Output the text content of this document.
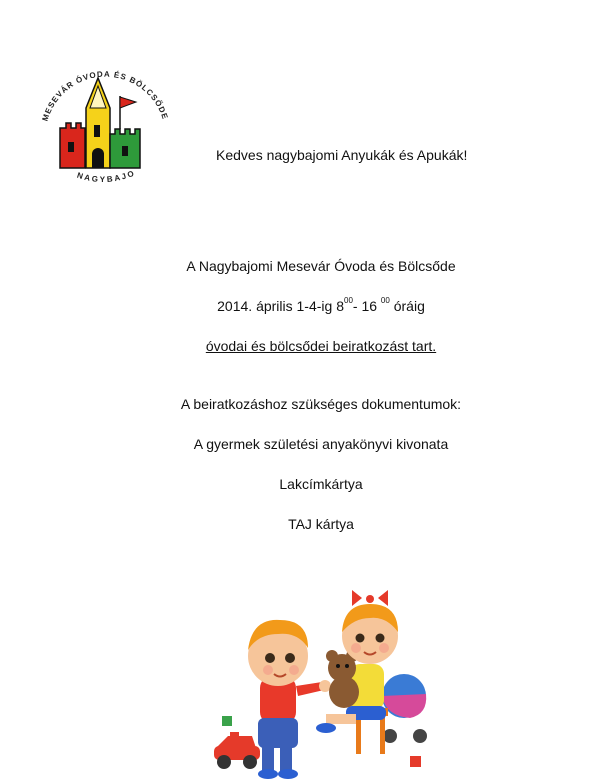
MESEVÁR ÓVODA ÉS BÖLCSŐDE
NAGYBAJO
Kedves nagybajomi Anyukák és Apukák!
A Nagybajomi Mesevár Óvoda és Bölcsőde
2014. április 1-4-ig $8^{00}-$ 16 $^{00}$ óráig
óvodai és bölcsődei beiratkozást tart.
A beiratkozáshoz szükséges dokumentumok:
A gyermek születési anyakönyvi kivonata
Lakcímkártya
TAJ kártya
